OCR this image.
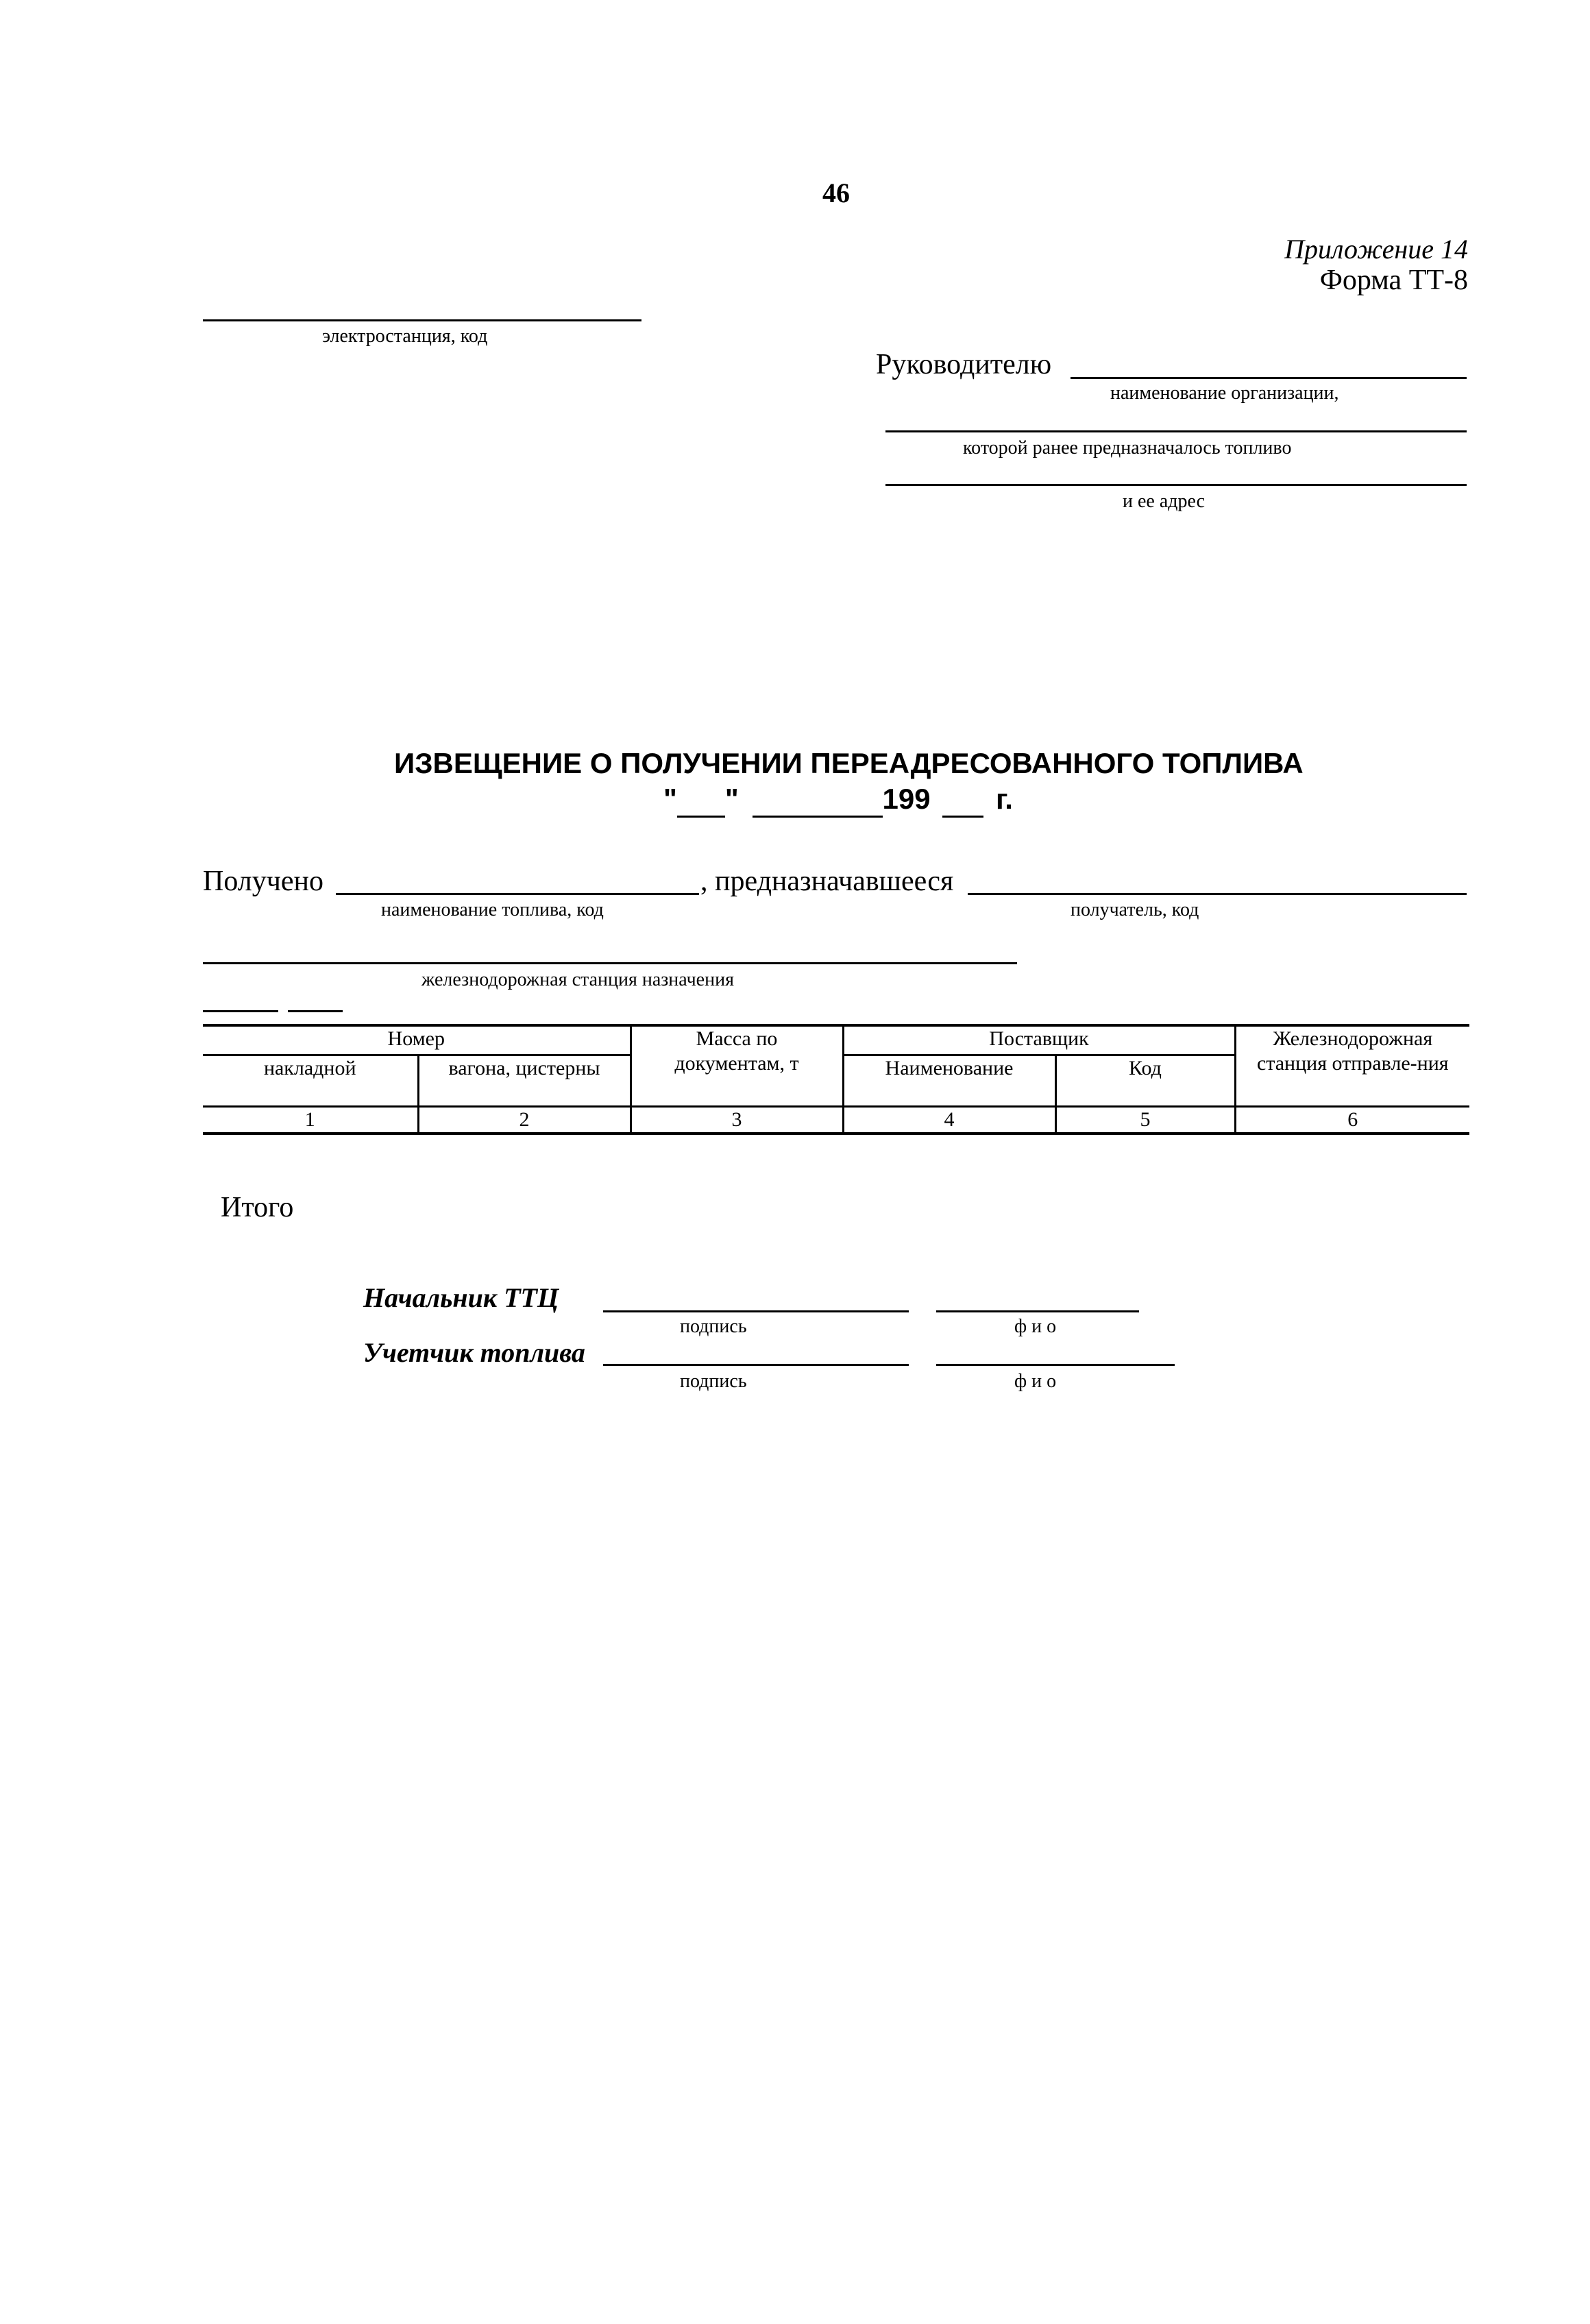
46
Приложение 14
Форма ТТ-8
электростанция, код
Руководителю
наименование организации,
которой ранее предназначалось топливо
и ее адрес
ИЗВЕЩЕНИЕ О ПОЛУЧЕНИИ ПЕРЕАДРЕСОВАННОГО ТОПЛИВА
" "	199 г.
Получено	, предназначавшееся
наименование топлива, код	получатель, код
железнодорожная станция назначения
Номер		Масса по документам, т	Поставщик		Железнодорожная станция отправле-ния
накладной	вагона, цистерны		Наименование	Код	
1	2	3	4	5	6
Итого
Начальник ТТЦ
подпись	ф и о
Учетчик топлива
подпись	ф и о
